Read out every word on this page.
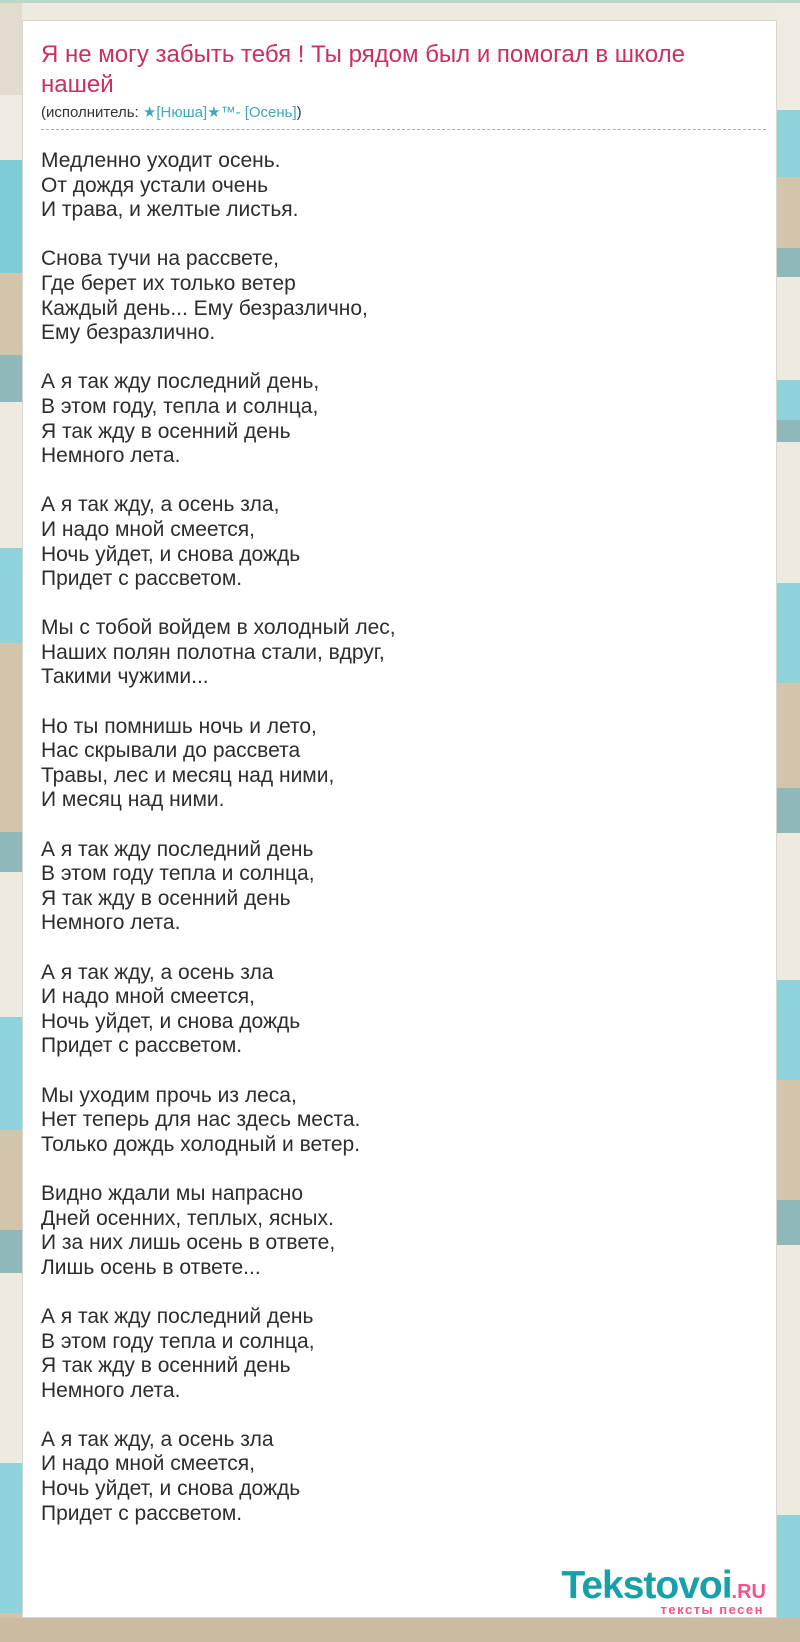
Я не могу забыть тебя ! Ты рядом был и помогал в школе нашей
(исполнитель: ★[Нюша]★™- [Осень])
Медленно уходит осень.
От дождя устали очень
И трава, и желтые листья.
Снова тучи на рассвете,
Где берет их только ветер
Каждый день... Ему безразлично,
Ему безразлично.
А я так жду последний день,
В этом году, тепла и солнца,
Я так жду в осенний день
Немного лета.
А я так жду, а осень зла,
И надо мной смеется,
Ночь уйдет, и снова дождь
Придет с рассветом.
Мы с тобой войдем в холодный лес,
Наших полян полотна стали, вдруг,
Такими чужими...
Но ты помнишь ночь и лето,
Нас скрывали до рассвета
Травы, лес и месяц над ними,
И месяц над ними.
А я так жду последний день
В этом году тепла и солнца,
Я так жду в осенний день
Немного лета.
А я так жду, а осень зла
И надо мной смеется,
Ночь уйдет, и снова дождь
Придет с рассветом.
Мы уходим прочь из леса,
Нет теперь для нас здесь места.
Только дождь холодный и ветер.
Видно ждали мы напрасно
Дней осенних, теплых, ясных.
И за них лишь осень в ответе,
Лишь осень в ответе...
А я так жду последний день
В этом году тепла и солнца,
Я так жду в осенний день
Немного лета.
А я так жду, а осень зла
И надо мной смеется,
Ночь уйдет, и снова дождь
Придет с рассветом.
Tekstovoi.RU
тексты песен
